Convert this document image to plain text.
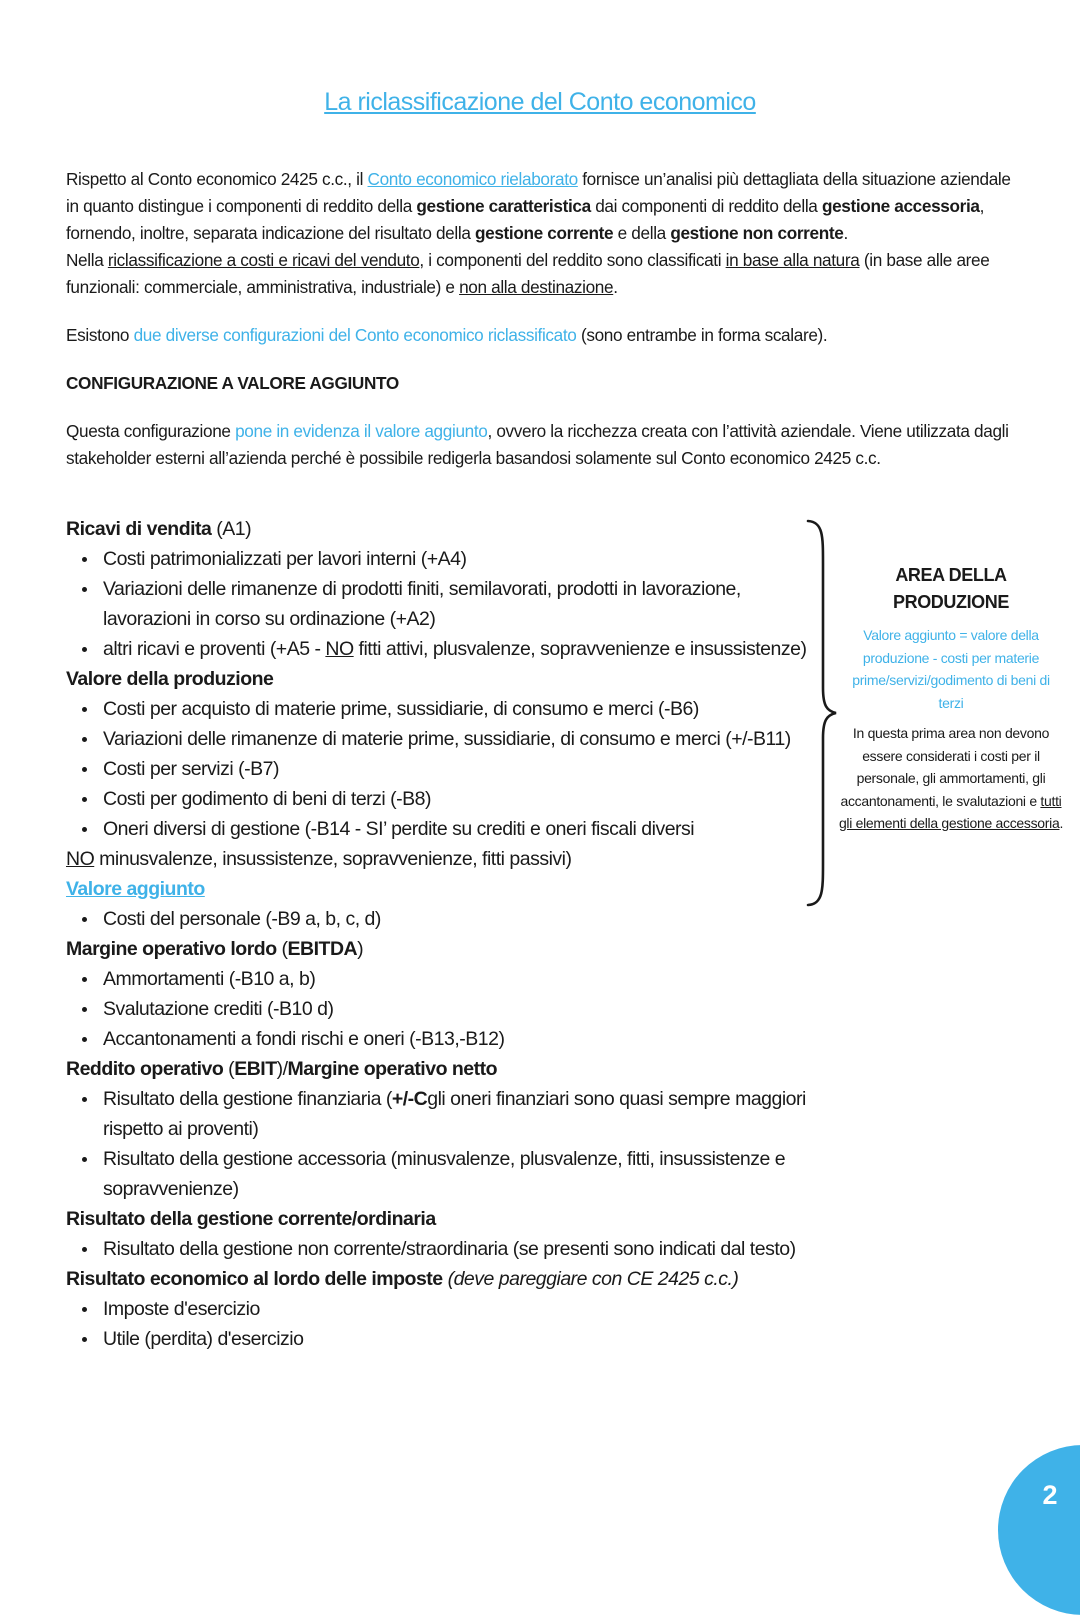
La riclassificazione del Conto economico
Rispetto al Conto economico 2425 c.c., il Conto economico rielaborato fornisce un’analisi più dettagliata della situazione aziendale in quanto distingue i componenti di reddito della gestione caratteristica dai componenti di reddito della gestione accessoria, fornendo, inoltre, separata indicazione del risultato della gestione corrente e della gestione non corrente.
Nella riclassificazione a costi e ricavi del venduto, i componenti del reddito sono classificati in base alla natura (in base alle aree funzionali: commerciale, amministrativa, industriale) e non alla destinazione.
Esistono due diverse configurazioni del Conto economico riclassificato (sono entrambe in forma scalare).
CONFIGURAZIONE A VALORE AGGIUNTO
Questa configurazione pone in evidenza il valore aggiunto, ovvero la ricchezza creata con l’attività aziendale. Viene utilizzata dagli stakeholder esterni all’azienda perché è possibile redigerla basandosi solamente sul Conto economico 2425 c.c.
Ricavi di vendita (A1)
Costi patrimonializzati per lavori interni (+A4)
Variazioni delle rimanenze di prodotti finiti, semilavorati, prodotti in lavorazione, lavorazioni in corso su ordinazione (+A2)
altri ricavi e proventi (+A5 - NO fitti attivi, plusvalenze, sopravvenienze e insussistenze)
Valore della produzione
Costi per acquisto di materie prime, sussidiarie, di consumo e merci (-B6)
Variazioni delle rimanenze di materie prime, sussidiarie, di consumo e merci (+/-B11)
Costi per servizi (-B7)
Costi per godimento di beni di terzi (-B8)
Oneri diversi di gestione (-B14 - SI’ perdite su crediti e oneri fiscali diversi
NO minusvalenze, insussistenze, sopravvenienze, fitti passivi)
Valore aggiunto
Costi del personale (-B9 a, b, c, d)
Margine operativo lordo (EBITDA)
Ammortamenti (-B10 a, b)
Svalutazione crediti (-B10 d)
Accantonamenti a fondi rischi e oneri (-B13,-B12)
Reddito operativo (EBIT)/Margine operativo netto
Risultato della gestione finanziaria (+/-Cgli oneri finanziari sono quasi sempre maggiori rispetto ai proventi)
Risultato della gestione accessoria (minusvalenze, plusvalenze, fitti, insussistenze e sopravvenienze)
Risultato della gestione corrente/ordinaria
Risultato della gestione non corrente/straordinaria (se presenti sono indicati dal testo)
Risultato economico al lordo delle imposte (deve pareggiare con CE 2425 c.c.)
Imposte d'esercizio
Utile (perdita) d'esercizio
AREA DELLA PRODUZIONE
Valore aggiunto = valore della produzione - costi per materie prime/servizi/godimento di beni di terzi
In questa prima area non devono essere considerati i costi per il personale, gli ammortamenti, gli accantonamenti, le svalutazioni e tutti gli elementi della gestione accessoria.
2
